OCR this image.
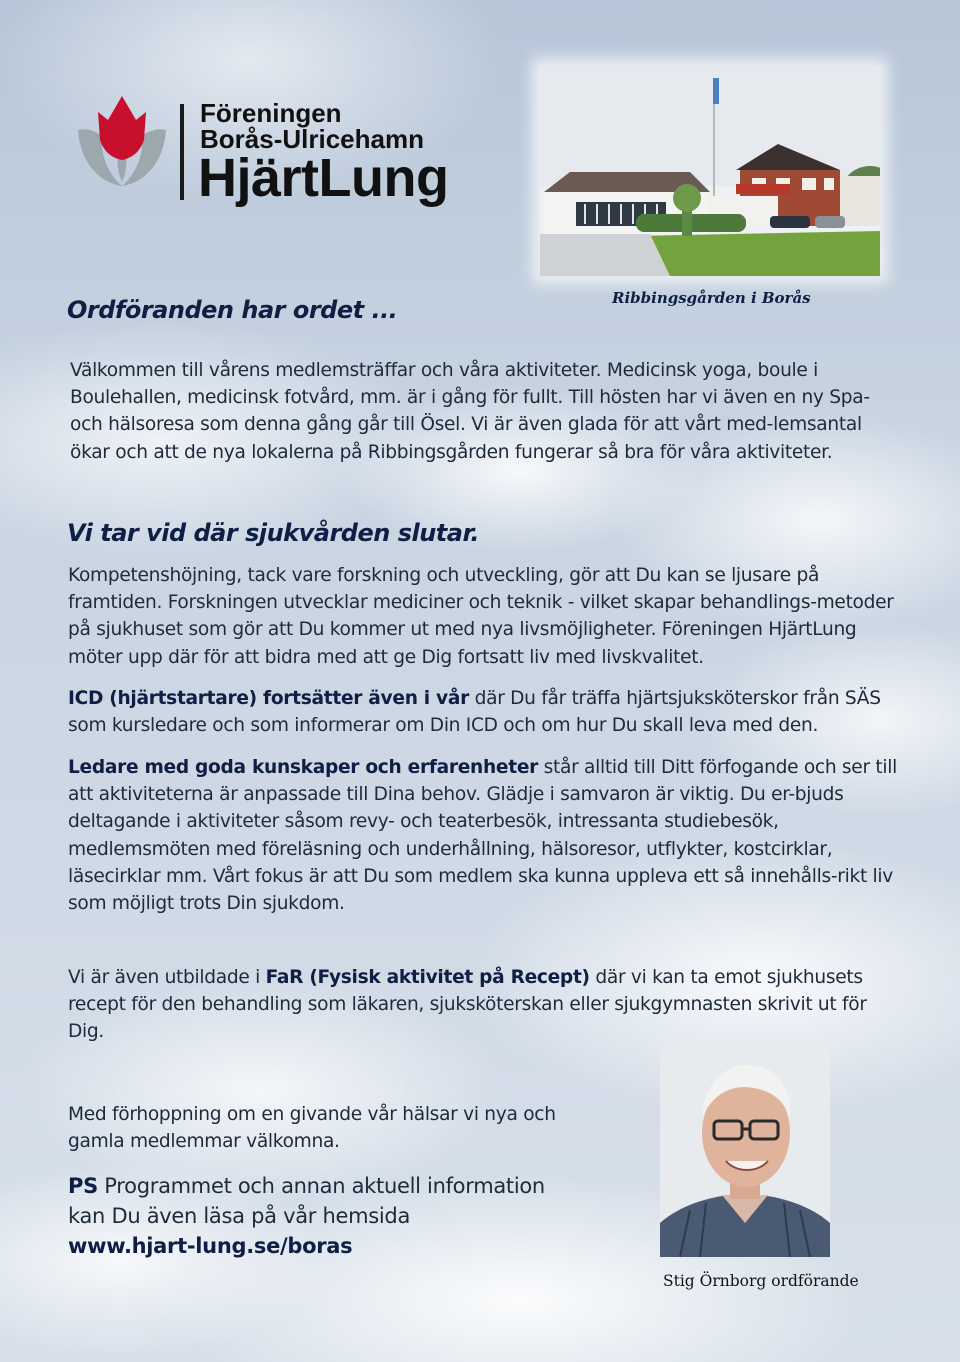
Föreningen
Borås-Ulricehamn
HjärtLung
Ribbingsgården i Borås
Ordföranden har ordet ...
Välkommen till vårens medlemsträffar och våra aktiviteter. Medicinsk yoga, boule i Boulehallen, medicinsk fotvård, mm. är i gång för fullt. Till hösten har vi även en ny Spa- och hälsoresa som denna gång går till Ösel. Vi är även glada för att vårt med-lemsantal ökar och att de nya lokalerna på Ribbingsgården fungerar så bra för våra aktiviteter.
Vi tar vid där sjukvården slutar.
Kompetenshöjning, tack vare forskning och utveckling, gör att Du kan se ljusare på framtiden. Forskningen utvecklar mediciner och teknik - vilket skapar behandlings-metoder på sjukhuset som gör att Du kommer ut med nya livsmöjligheter. Föreningen HjärtLung möter upp där för att bidra med att ge Dig fortsatt liv med livskvalitet.
ICD (hjärtstartare) fortsätter även i vår där Du får träffa hjärtsjuksköterskor från SÄS som kursledare och som informerar om Din ICD och om hur Du skall leva med den.
Ledare med goda kunskaper och erfarenheter står alltid till Ditt förfogande och ser till att aktiviteterna är anpassade till Dina behov. Glädje i samvaron är viktig. Du er-bjuds deltagande i aktiviteter såsom revy- och teaterbesök, intressanta studiebesök, medlemsmöten med föreläsning och underhållning, hälsoresor, utflykter, kostcirklar, läsecirklar mm. Vårt fokus är att Du som medlem ska kunna uppleva ett så innehålls-rikt liv som möjligt trots Din sjukdom.
Vi är även utbildade i FaR (Fysisk aktivitet på Recept) där vi kan ta emot sjukhusets recept för den behandling som läkaren, sjuksköterskan eller sjukgymnasten skrivit ut för Dig.
Med förhoppning om en givande vår hälsar vi nya och gamla medlemmar välkomna.
PS Programmet och annan aktuell information kan Du även läsa på vår hemsida
www.hjart-lung.se/boras
Stig Örnborg ordförande
